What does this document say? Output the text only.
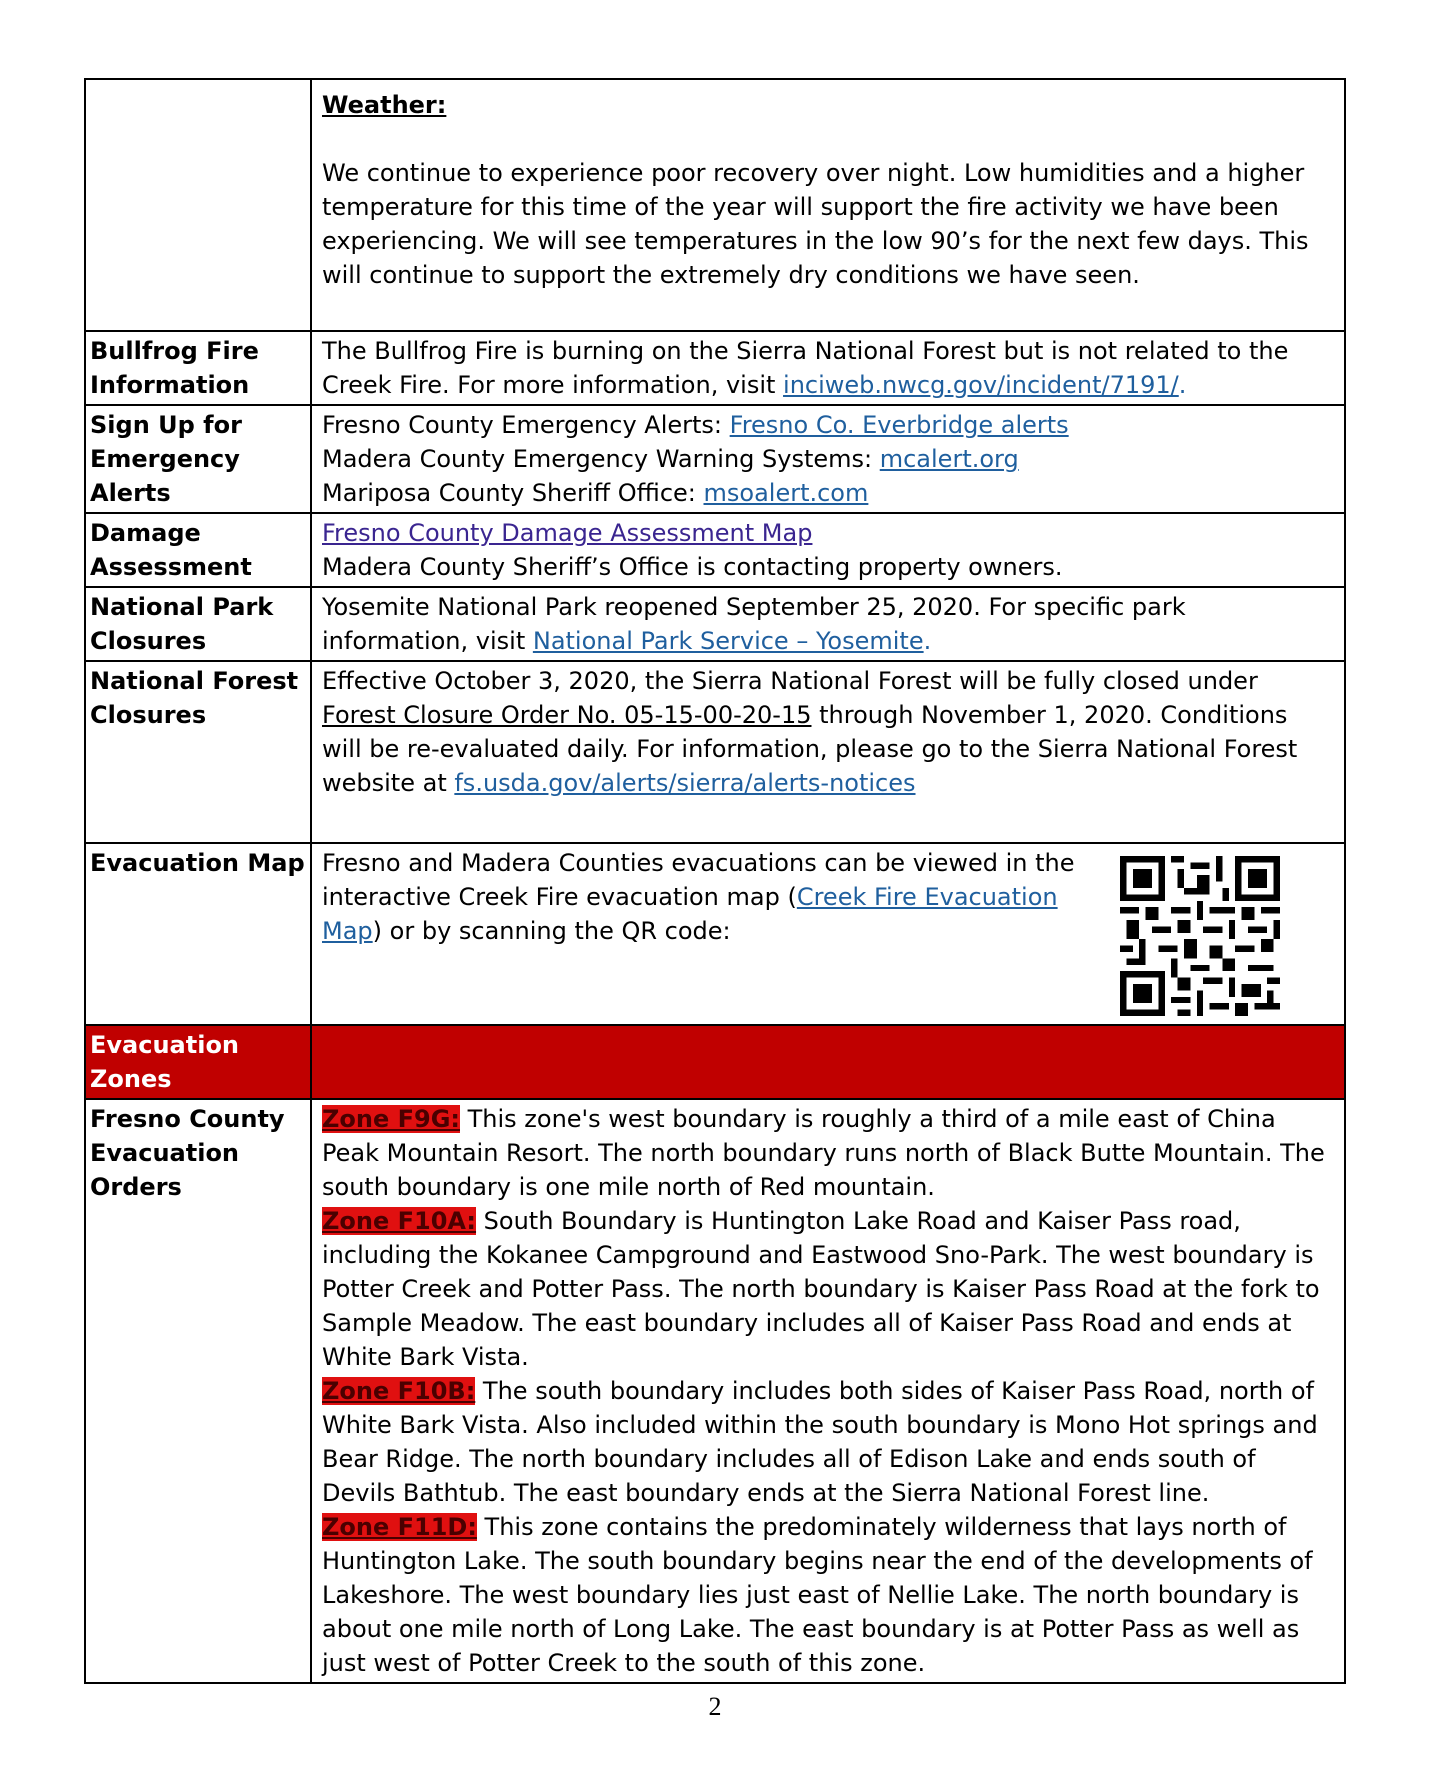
	Weather:
We continue to experience poor recovery over night. Low humidities and a higher temperature for this time of the year will support the fire activity we have been experiencing. We will see temperatures in the low 90’s for the next few days. This will continue to support the extremely dry conditions we have seen.

Bullfrog Fire Information	The Bullfrog Fire is burning on the Sierra National Forest but is not related to the Creek Fire. For more information, visit inciweb.nwcg.gov/incident/7191/.
Sign Up for Emergency Alerts	Fresno County Emergency Alerts: Fresno Co. Everbridge alerts
Madera County Emergency Warning Systems: mcalert.org
Mariposa County Sheriff Office: msoalert.com

Damage Assessment	Fresno County Damage Assessment Map
Madera County Sheriff’s Office is contacting property owners.

National Park Closures	Yosemite National Park reopened September 25, 2020. For specific park information, visit National Park Service – Yosemite.
National Forest Closures	Effective October 3, 2020, the Sierra National Forest will be fully closed under Forest Closure Order No. 05-15-00-20-15 through November 1, 2020. Conditions will be re-evaluated daily. For information, please go to the Sierra National Forest website at fs.usda.gov/alerts/sierra/alerts-notices
Evacuation Map	Fresno and Madera Counties evacuations can be viewed in the interactive Creek Fire evacuation map (Creek Fire Evacuation Map) or by scanning the QR code:
Evacuation Zones	
Fresno County Evacuation Orders	Zone F9G: This zone's west boundary is roughly a third of a mile east of China Peak Mountain Resort. The north boundary runs north of Black Butte Mountain. The south boundary is one mile north of Red mountain.
Zone F10A: South Boundary is Huntington Lake Road and Kaiser Pass road, including the Kokanee Campground and Eastwood Sno-Park. The west boundary is Potter Creek and Potter Pass. The north boundary is Kaiser Pass Road at the fork to Sample Meadow. The east boundary includes all of Kaiser Pass Road and ends at White Bark Vista.
Zone F10B: The south boundary includes both sides of Kaiser Pass Road, north of White Bark Vista. Also included within the south boundary is Mono Hot springs and Bear Ridge. The north boundary includes all of Edison Lake and ends south of Devils Bathtub. The east boundary ends at the Sierra National Forest line.
Zone F11D: This zone contains the predominately wilderness that lays north of Huntington Lake. The south boundary begins near the end of the developments of Lakeshore. The west boundary lies just east of Nellie Lake. The north boundary is about one mile north of Long Lake. The east boundary is at Potter Pass as well as just west of Potter Creek to the south of this zone.
2
